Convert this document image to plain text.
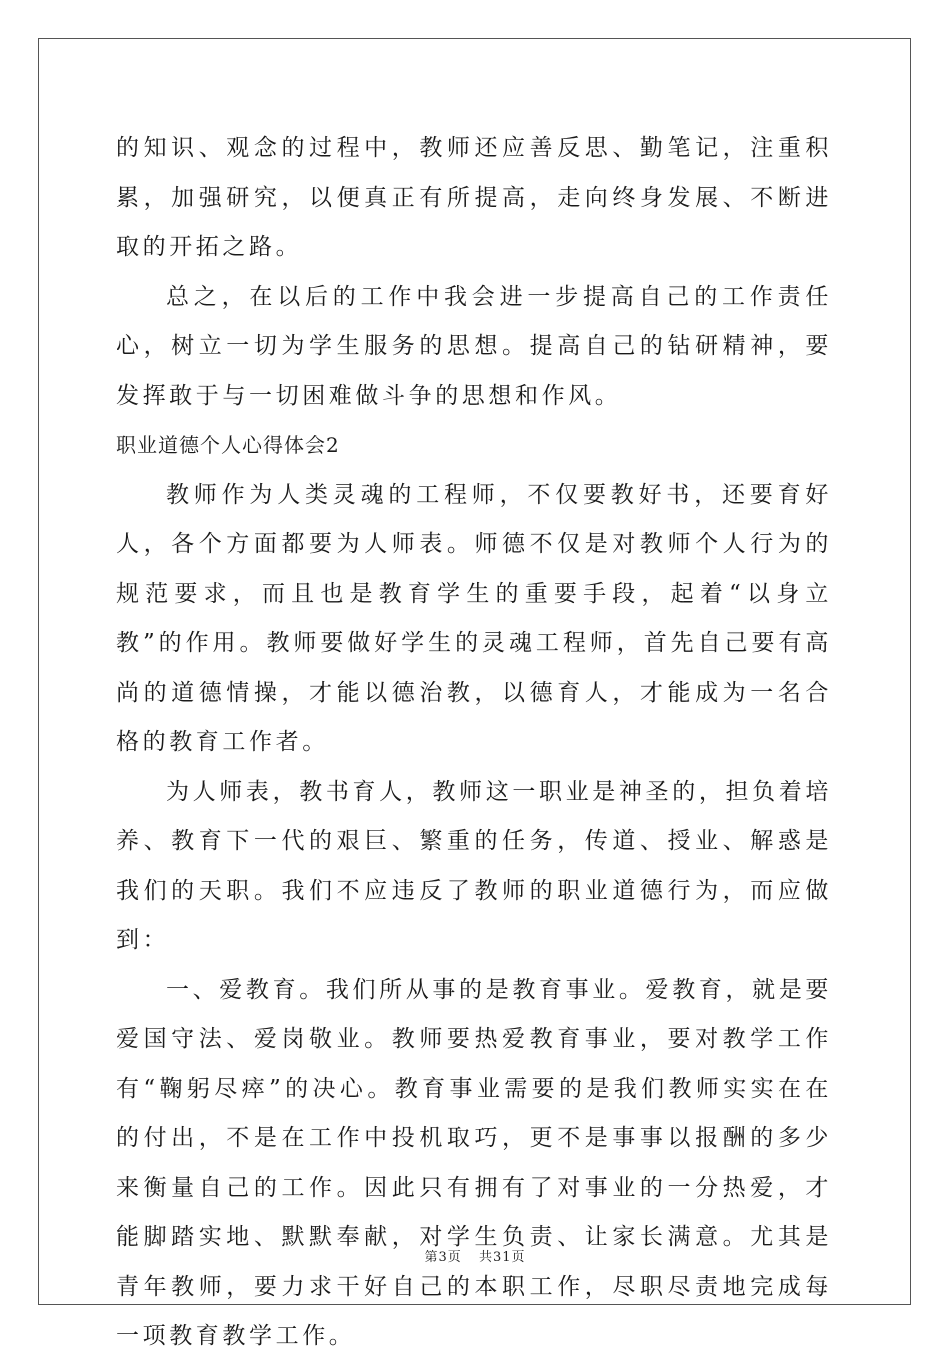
的知识、观念的过程中，教师还应善反思、勤笔记，注重积累，加强研究，以便真正有所提高，走向终身发展、不断进取的开拓之路。

总之，在以后的工作中我会进一步提高自己的工作责任心，树立一切为学生服务的思想。提高自己的钻研精神，要发挥敢于与一切困难做斗争的思想和作风。

职业道德个人心得体会2

教师作为人类灵魂的工程师，不仅要教好书，还要育好人，各个方面都要为人师表。师德不仅是对教师个人行为的规范要求，而且也是教育学生的重要手段，起着“以身立教”的作用。教师要做好学生的灵魂工程师，首先自己要有高尚的道德情操，才能以德治教，以德育人，才能成为一名合格的教育工作者。

为人师表，教书育人，教师这一职业是神圣的，担负着培养、教育下一代的艰巨、繁重的任务，传道、授业、解惑是我们的天职。我们不应违反了教师的职业道德行为，而应做到：

一、爱教育。我们所从事的是教育事业。爱教育，就是要爱国守法、爱岗敬业。教师要热爱教育事业，要对教学工作有“鞠躬尽瘁”的决心。教育事业需要的是我们教师实实在在的付出，不是在工作中投机取巧，更不是事事以报酬的多少来衡量自己的工作。因此只有拥有了对事业的一分热爱，才能脚踏实地、默默奉献，对学生负责、让家长满意。尤其是青年教师，要力求干好自己的本职工作，尽职尽责地完成每一项教育教学工作。

第3页 共31页
